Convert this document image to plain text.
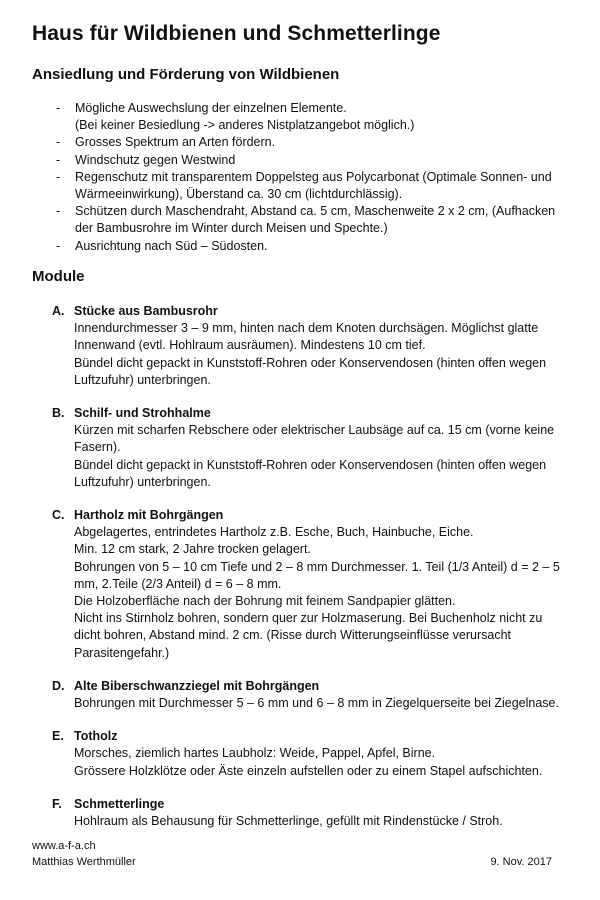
Haus für Wildbienen und Schmetterlinge
Ansiedlung und Förderung von Wildbienen
- Mögliche Auswechslung der einzelnen Elemente.
(Bei keiner Besiedlung -> anderes Nistplatzangebot möglich.)
- Grosses Spektrum an Arten fördern.
- Windschutz gegen Westwind
- Regenschutz mit transparentem Doppelsteg aus Polycarbonat (Optimale Sonnen- und
Wärmeeinwirkung), Überstand ca. 30 cm (lichtdurchlässig).
- Schützen durch Maschendraht, Abstand ca. 5 cm, Maschenweite 2 x 2 cm, (Aufhacken
der Bambusrohre im Winter durch Meisen und Spechte.)
- Ausrichtung nach Süd – Südosten.
Module
A. Stücke aus Bambusrohr
Innendurchmesser 3 – 9 mm, hinten nach dem Knoten durchsägen. Möglichst glatte
Innenwand (evtl. Hohlraum ausräumen). Mindestens 10 cm tief.
Bündel dicht gepackt in Kunststoff-Rohren oder Konservendosen (hinten offen wegen
Luftzufuhr) unterbringen.
B. Schilf- und Strohhalme
Kürzen mit scharfen Rebschere oder elektrischer Laubsäge auf ca. 15 cm (vorne keine
Fasern).
Bündel dicht gepackt in Kunststoff-Rohren oder Konservendosen (hinten offen wegen
Luftzufuhr) unterbringen.
C. Hartholz mit Bohrgängen
Abgelagertes, entrindetes Hartholz z.B. Esche, Buch, Hainbuche, Eiche.
Min. 12 cm stark, 2 Jahre trocken gelagert.
Bohrungen von 5 – 10 cm Tiefe und 2 – 8 mm Durchmesser. 1. Teil (1/3 Anteil) d = 2 – 5
mm, 2.Teile (2/3 Anteil) d = 6 – 8 mm.
Die Holzoberfläche nach der Bohrung mit feinem Sandpapier glätten.
Nicht ins Stirnholz bohren, sondern quer zur Holzmaserung. Bei Buchenholz nicht zu
dicht bohren, Abstand mind. 2 cm. (Risse durch Witterungseinflüsse verursacht
Parasitengefahr.)
D. Alte Biberschwanzziegel mit Bohrgängen
Bohrungen mit Durchmesser 5 – 6 mm und 6 – 8 mm in Ziegelquerseite bei Ziegelnase.
E. Totholz
Morsches, ziemlich hartes Laubholz: Weide, Pappel, Apfel, Birne.
Grössere Holzklötze oder Äste einzeln aufstellen oder zu einem Stapel aufschichten.
F. Schmetterlinge
Hohlraum als Behausung für Schmetterlinge, gefüllt mit Rindenstücke / Stroh.
www.a-f-a.ch
Matthias Werthmüller	9. Nov. 2017
